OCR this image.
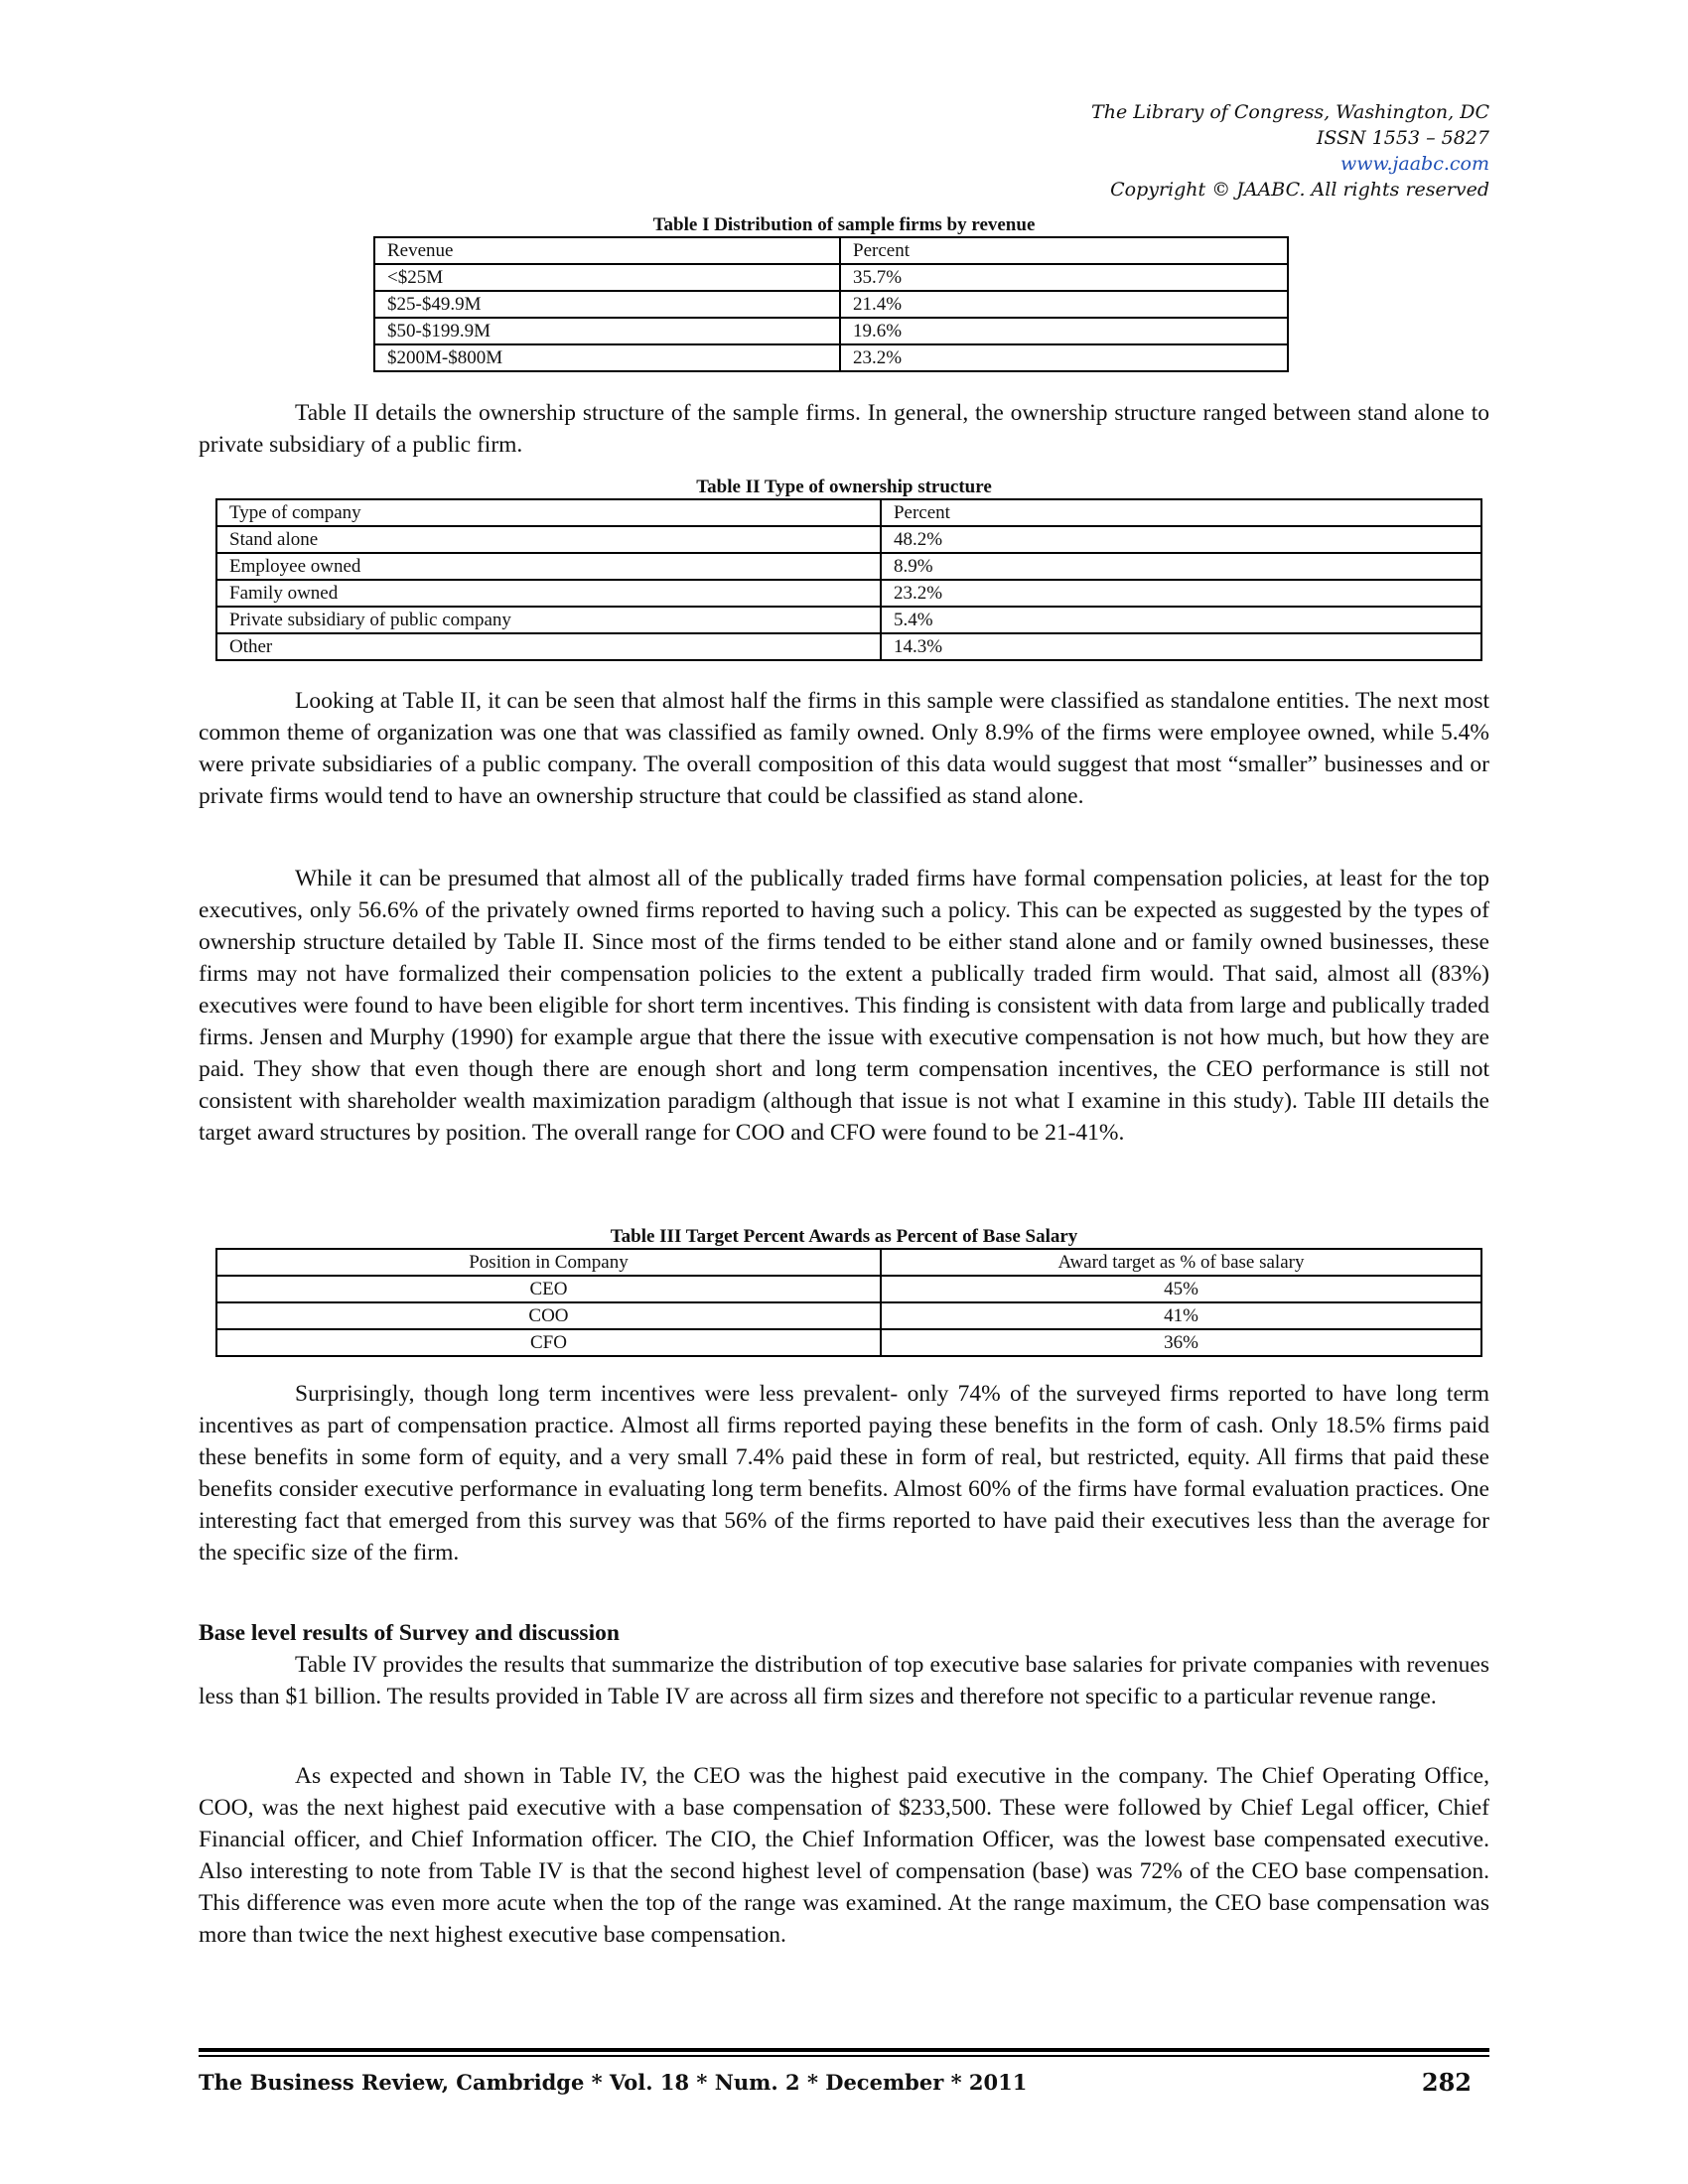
The Library of Congress, Washington, DC
ISSN 1553 – 5827
www.jaabc.com
Copyright © JAABC. All rights reserved

Table I Distribution of sample firms by revenue

Revenue	Percent
<$25M	35.7%
$25-$49.9M	21.4%
$50-$199.9M	19.6%
$200M-$800M	23.2%

Table II details the ownership structure of the sample firms. In general, the ownership structure ranged between stand alone to private subsidiary of a public firm.

Table II Type of ownership structure

Type of company	Percent
Stand alone	48.2%
Employee owned	8.9%
Family owned	23.2%
Private subsidiary of public company	5.4%
Other	14.3%

Looking at Table II, it can be seen that almost half the firms in this sample were classified as standalone entities. The next most common theme of organization was one that was classified as family owned. Only 8.9% of the firms were employee owned, while 5.4% were private subsidiaries of a public company. The overall composition of this data would suggest that most “smaller” businesses and or private firms would tend to have an ownership structure that could be classified as stand alone.

While it can be presumed that almost all of the publically traded firms have formal compensation policies, at least for the top executives, only 56.6% of the privately owned firms reported to having such a policy. This can be expected as suggested by the types of ownership structure detailed by Table II. Since most of the firms tended to be either stand alone and or family owned businesses, these firms may not have formalized their compensation policies to the extent a publically traded firm would. That said, almost all (83%) executives were found to have been eligible for short term incentives. This finding is consistent with data from large and publically traded firms. Jensen and Murphy (1990) for example argue that there the issue with executive compensation is not how much, but how they are paid. They show that even though there are enough short and long term compensation incentives, the CEO performance is still not consistent with shareholder wealth maximization paradigm (although that issue is not what I examine in this study). Table III details the target award structures by position. The overall range for COO and CFO were found to be 21-41%.

Table III Target Percent Awards as Percent of Base Salary

Position in Company	Award target as % of base salary
CEO	45%
COO	41%
CFO	36%

Surprisingly, though long term incentives were less prevalent- only 74% of the surveyed firms reported to have long term incentives as part of compensation practice. Almost all firms reported paying these benefits in the form of cash. Only 18.5% firms paid these benefits in some form of equity, and a very small 7.4% paid these in form of real, but restricted, equity. All firms that paid these benefits consider executive performance in evaluating long term benefits. Almost 60% of the firms have formal evaluation practices. One interesting fact that emerged from this survey was that 56% of the firms reported to have paid their executives less than the average for the specific size of the firm.

Base level results of Survey and discussion

Table IV provides the results that summarize the distribution of top executive base salaries for private companies with revenues less than $1 billion. The results provided in Table IV are across all firm sizes and therefore not specific to a particular revenue range.

As expected and shown in Table IV, the CEO was the highest paid executive in the company. The Chief Operating Office, COO, was the next highest paid executive with a base compensation of $233,500. These were followed by Chief Legal officer, Chief Financial officer, and Chief Information officer. The CIO, the Chief Information Officer, was the lowest base compensated executive. Also interesting to note from Table IV is that the second highest level of compensation (base) was 72% of the CEO base compensation. This difference was even more acute when the top of the range was examined. At the range maximum, the CEO base compensation was more than twice the next highest executive base compensation.

The Business Review, Cambridge * Vol. 18 * Num. 2 * December * 2011	282
